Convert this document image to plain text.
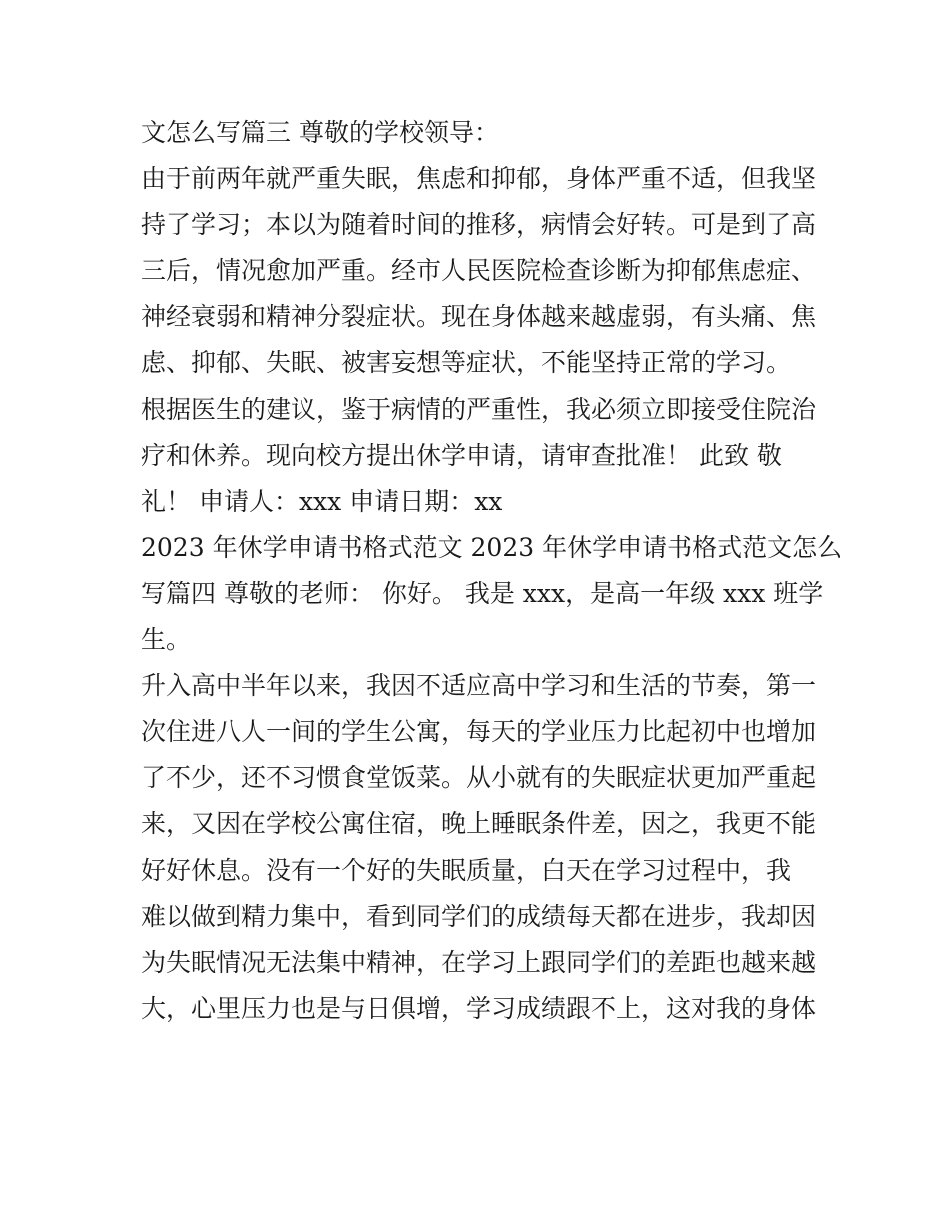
文怎么写篇三 尊敬的学校领导：
由于前两年就严重失眠，焦虑和抑郁，身体严重不适，但我坚
持了学习；本以为随着时间的推移，病情会好转。可是到了高
三后，情况愈加严重。经市人民医院检查诊断为抑郁焦虑症、
神经衰弱和精神分裂症状。现在身体越来越虚弱，有头痛、焦
虑、抑郁、失眠、被害妄想等症状，不能坚持正常的学习。
根据医生的建议，鉴于病情的严重性，我必须立即接受住院治
疗和休养。现向校方提出休学申请，请审查批准！ 此致 敬
礼！ 申请人：xxx 申请日期：xx
2023 年休学申请书格式范文 2023 年休学申请书格式范文怎么
写篇四 尊敬的老师： 你好。 我是 xxx，是高一年级 xxx 班学
生。
升入高中半年以来，我因不适应高中学习和生活的节奏，第一
次住进八人一间的学生公寓，每天的学业压力比起初中也增加
了不少，还不习惯食堂饭菜。从小就有的失眠症状更加严重起
来，又因在学校公寓住宿，晚上睡眠条件差，因之，我更不能
好好休息。没有一个好的失眠质量，白天在学习过程中，我
难以做到精力集中，看到同学们的成绩每天都在进步，我却因
为失眠情况无法集中精神，在学习上跟同学们的差距也越来越
大，心里压力也是与日俱增，学习成绩跟不上，这对我的身体
